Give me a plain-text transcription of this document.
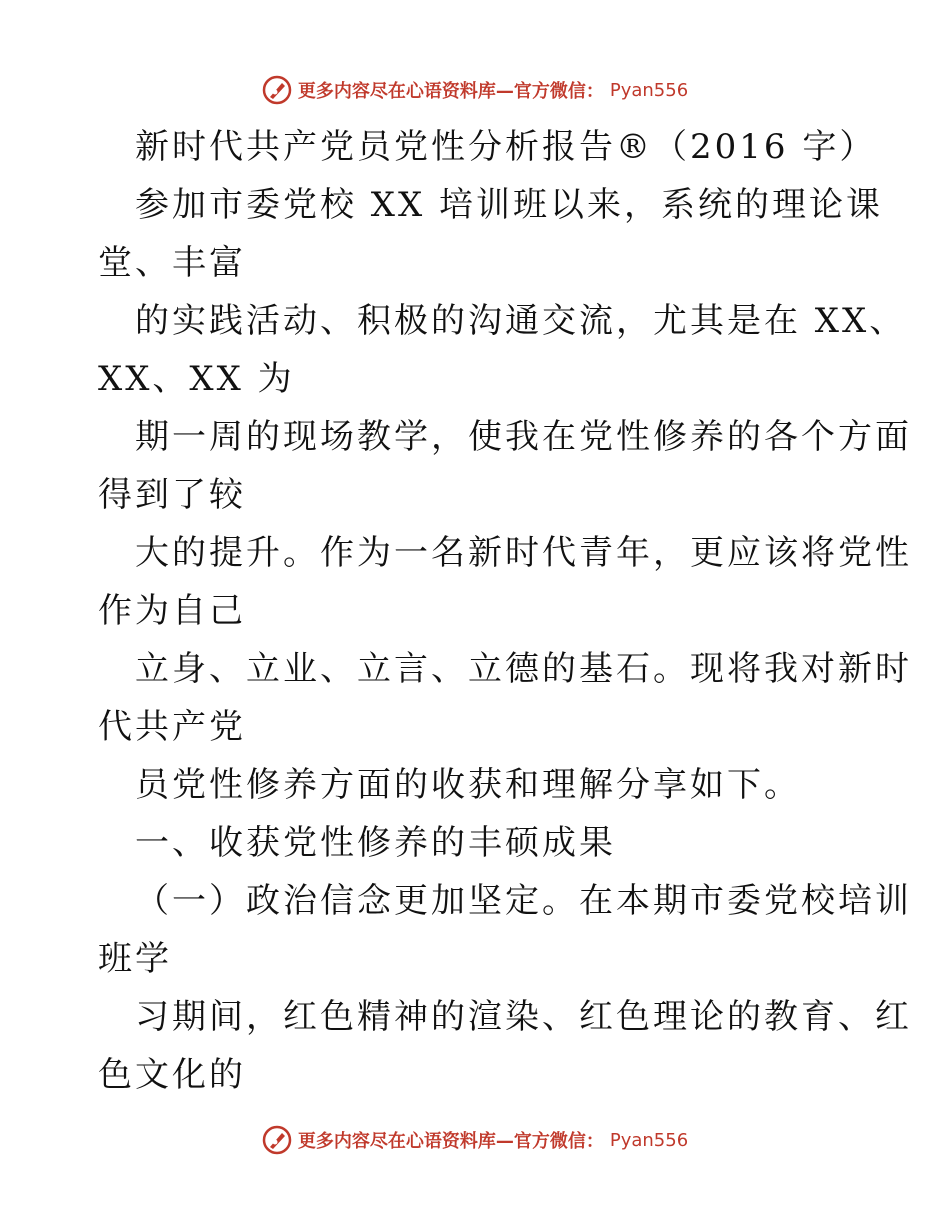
更多内容尽在心语资料库—官方微信： Pyan556
新时代共产党员党性分析报告®（2016 字）
参加市委党校 XX 培训班以来，系统的理论课
堂、丰富
的实践活动、积极的沟通交流，尤其是在 XX、
XX、XX 为
期一周的现场教学，使我在党性修养的各个方面
得到了较
大的提升。作为一名新时代青年，更应该将党性
作为自己
立身、立业、立言、立德的基石。现将我对新时
代共产党
员党性修养方面的收获和理解分享如下。
一、收获党性修养的丰硕成果
（一）政治信念更加坚定。在本期市委党校培训
班学
习期间，红色精神的渲染、红色理论的教育、红
色文化的
更多内容尽在心语资料库—官方微信： Pyan556
